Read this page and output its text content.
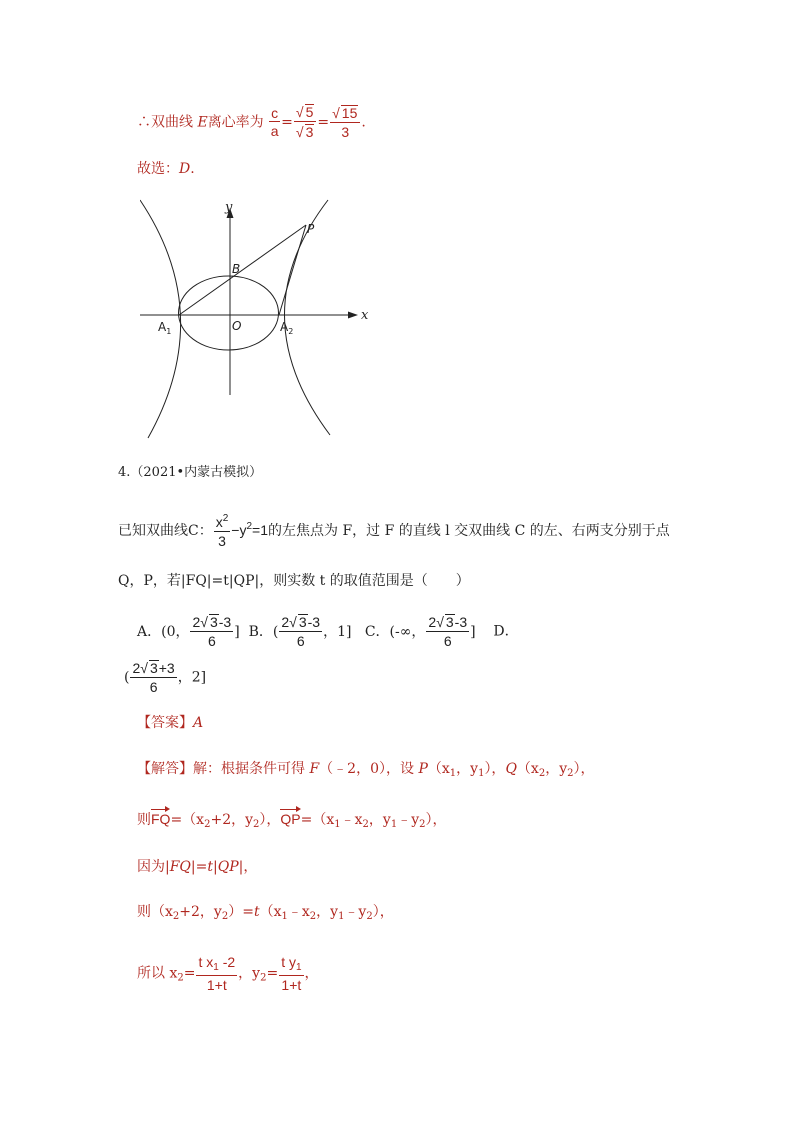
∴双曲线 E离心率为 $\frac{c}{a} = \frac{√ 5}{√ 3} = \frac{√ 15}{3}$ .
故选：D.
x
y
O
B
P
$A_1$	$A_2$
4.（2021•内蒙古模拟）
已知双曲线C： $\frac{x^2}{3} -y^2=1$的左焦点为 F，过 F 的直线 l 交双曲线 C 的左、右两支分别于点
Q，P，若|FQ|=t|QP|，则实数 t 的取值范围是（　　）
A．(0， $\frac{2√ 3-3}{6}$ ] B．( $\frac{2√ 3-3}{6}$ ，1] C．(-∞， $\frac{2√ 3-3}{6}$ ] D．
( $\frac{2√ 3+3}{6}$ ，2]
【答案】A
【解答】解：根据条件可得 F（﹣2，0），设 $P(x_1$，$y_1$），$Q(x_2$，$y_2$），
则$FQ=(x_2+2$，$y_2$），$QP=(x_1﹣x_2$，$y_1﹣y_2$），
因为|FQ|=t|QP|，
则（$x_2+2$，$y_2)=t(x_1﹣x_2$，$y_1﹣y_2$），
所以 $x_2= \frac{t x_1 -2}{1+t}$ ，$y_2= \frac{t y_1}{1+t}$ ，
